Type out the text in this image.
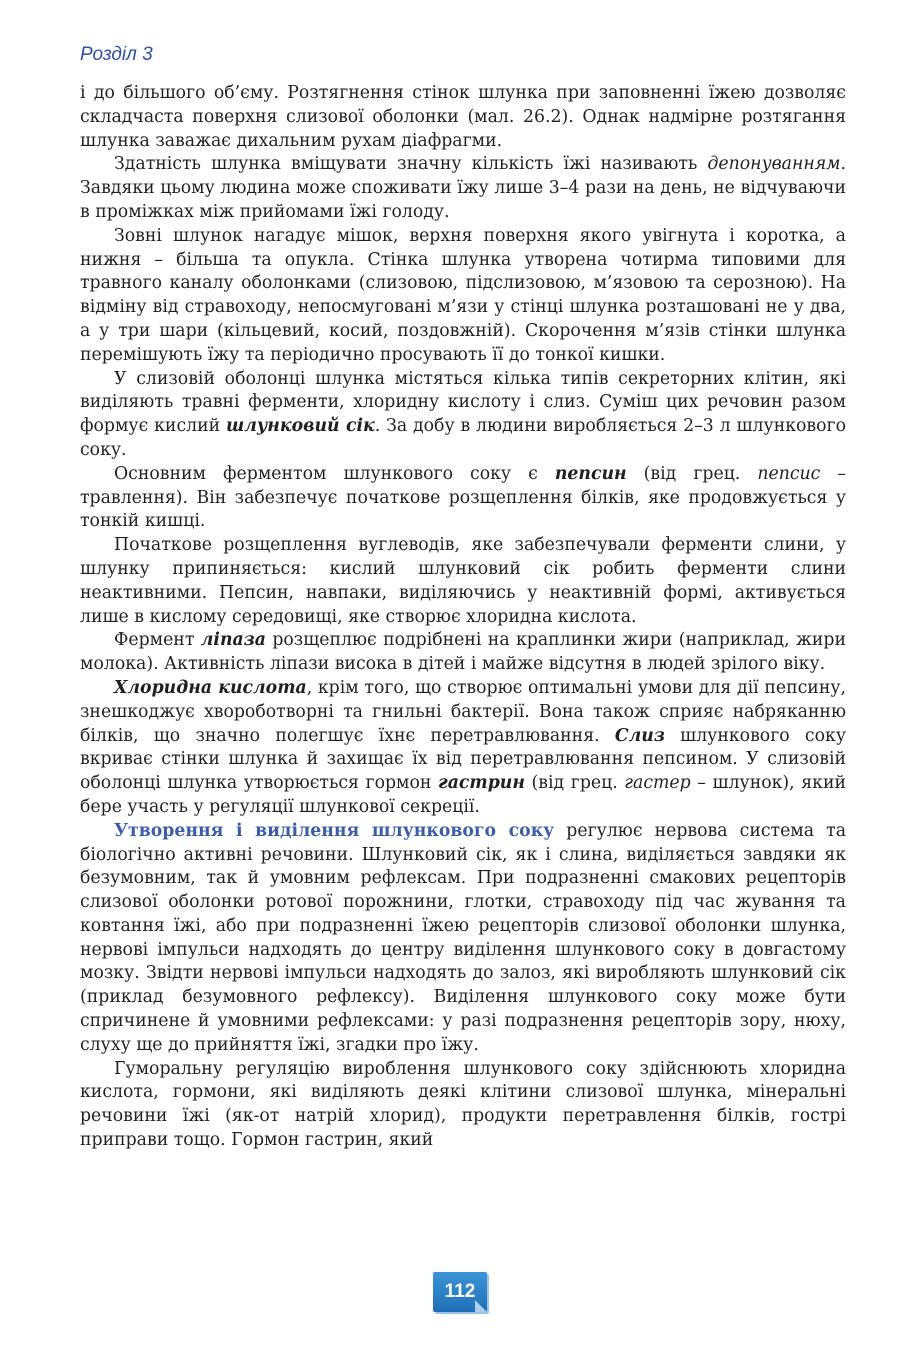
Розділ 3

і до більшого об’єму. Розтягнення стінок шлунка при заповненні їжею дозволяє складчаста поверхня слизової оболонки (мал. 26.2). Однак надмірне розтягання шлунка заважає дихальним рухам діафрагми.

Здатність шлунка вміщувати значну кількість їжі називають депонуванням. Завдяки цьому людина може споживати їжу лише 3–4 рази на день, не відчуваючи в проміжках між прийомами їжі голоду.

Зовні шлунок нагадує мішок, верхня поверхня якого увігнута і коротка, а нижня – більша та опукла. Стінка шлунка утворена чотирма типовими для травного каналу оболонками (слизовою, підслизовою, м’язовою та серозною). На відміну від стравоходу, непосмуговані м’язи у стінці шлунка розташовані не у два, а у три шари (кільцевий, косий, поздовжній). Скорочення м’язів стінки шлунка перемішують їжу та періодично просувають її до тонкої кишки.

У слизовій оболонці шлунка містяться кілька типів секреторних клітин, які виділяють травні ферменти, хлоридну кислоту і слиз. Суміш цих речовин разом формує кислий шлунковий сік. За добу в людини виробляється 2–3 л шлункового соку.

Основним ферментом шлункового соку є пепсин (від грец. пепсис – травлення). Він забезпечує початкове розщеплення білків, яке продовжується у тонкій кишці.

Початкове розщеплення вуглеводів, яке забезпечували ферменти слини, у шлунку припиняється: кислий шлунковий сік робить ферменти слини неактивними. Пепсин, навпаки, виділяючись у неактивній формі, активується лише в кислому середовищі, яке створює хлоридна кислота.

Фермент ліпаза розщеплює подрібнені на краплинки жири (наприклад, жири молока). Активність ліпази висока в дітей і майже відсутня в людей зрілого віку.

Хлоридна кислота, крім того, що створює оптимальні умови для дії пепсину, знешкоджує хвороботворні та гнильні бактерії. Вона також сприяє набряканню білків, що значно полегшує їхнє перетравлювання. Слиз шлункового соку вкриває стінки шлунка й захищає їх від перетравлювання пепсином. У слизовій оболонці шлунка утворюється гормон гастрин (від грец. гастер – шлунок), який бере участь у регуляції шлункової секреції.

Утворення і виділення шлункового соку регулює нервова система та біологічно активні речовини. Шлунковий сік, як і слина, виділяється завдяки як безумовним, так й умовним рефлексам. При подразненні смакових рецепторів слизової оболонки ротової порожнини, глотки, стравоходу під час жування та ковтання їжі, або при подразненні їжею рецепторів слизової оболонки шлунка, нервові імпульси надходять до центру виділення шлункового соку в довгастому мозку. Звідти нервові імпульси надходять до залоз, які виробляють шлунковий сік (приклад безумовного рефлексу). Виділення шлункового соку може бути спричинене й умовними рефлексами: у разі подразнення рецепторів зору, нюху, слуху ще до прийняття їжі, згадки про їжу.

Гуморальну регуляцію вироблення шлункового соку здійснюють хлоридна кислота, гормони, які виділяють деякі клітини слизової шлунка, мінеральні речовини їжі (як-от натрій хлорид), продукти перетравлення білків, гострі приправи тощо. Гормон гастрин, який

112
